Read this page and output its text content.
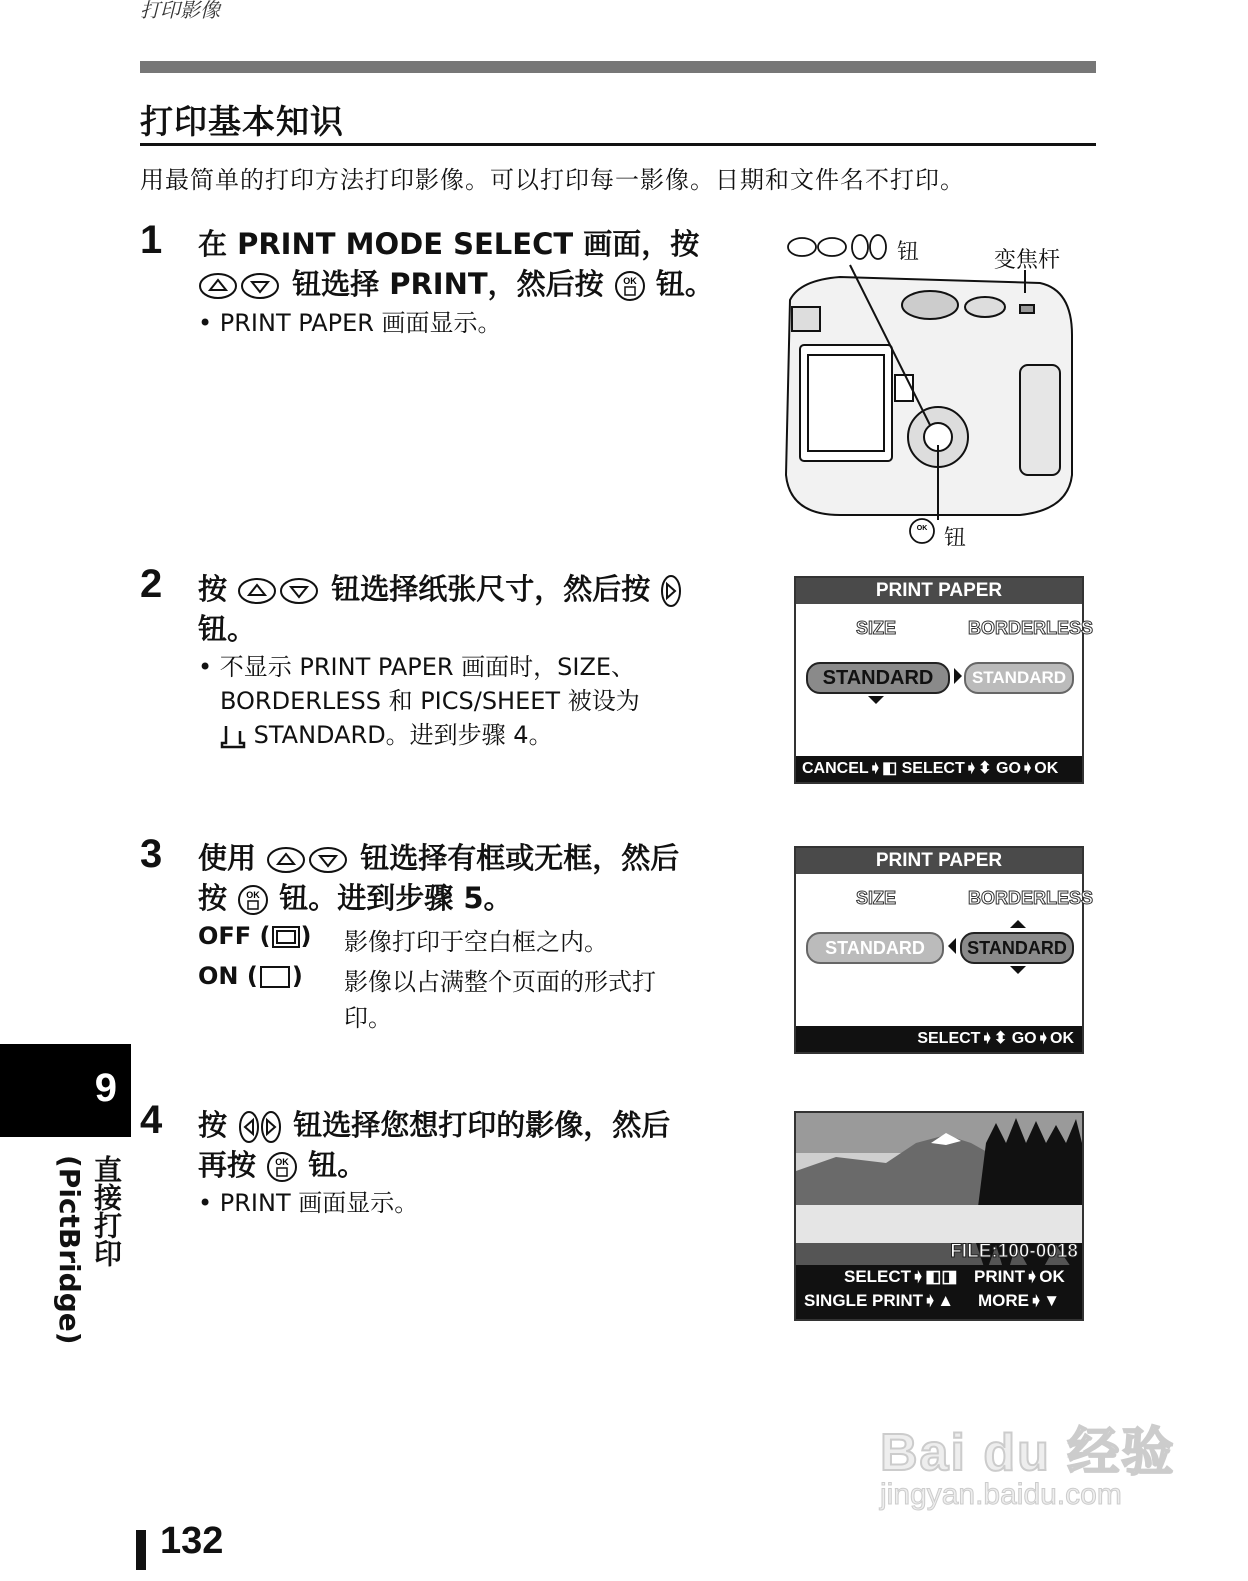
打印影像
打印基本知识
用最简单的打印方法打印影像。可以打印每一影像。日期和文件名不打印。
1 在 PRINT MODE SELECT 画面，按
钮选择 PRINT，然后按 OK 钮。
• PRINT PAPER 画面显示。
OK
钮	变焦杆
钮
2 按	钮选择纸张尺寸，然后按
钮。
• 不显示 PRINT PAPER 画面时，SIZE、
BORDERLESS 和 PICS/SHEET 被设为
STANDARD。进到步骤 4。
PRINT PAPER
SIZE	BORDERLESS
STANDARD	STANDARD
CANCEL➧◧ SELECT➧⬍ GO➧OK
3 使用	钮选择有框或无框，然后
按 OK 钮。进到步骤 5。
OFF ( ) 影像打印于空白框之内。
ON ( ) 影像以占满整个页面的形式打
印。
PRINT PAPER
SIZE	BORDERLESS
STANDARD	STANDARD
SELECT➧⬍ GO➧OK
4 按 钮选择您想打印的影像，然后
再按 OK 钮。
• PRINT 画面显示。
FILE:100-0018
SELECT➧◧◨ PRINT➧OK
SINGLE PRINT➧▲ MORE➧▼
9
直接打印 (PictBridge)
132
Bai du 经验
jingyan.baidu.com
